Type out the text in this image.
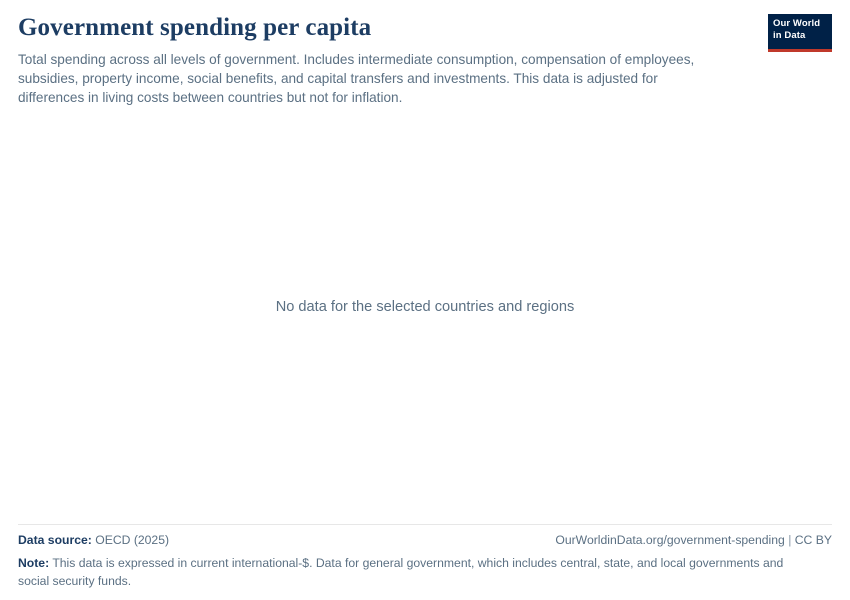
Government spending per capita

Total spending across all levels of government. Includes intermediate consumption, compensation of employees, subsidies, property income, social benefits, and capital transfers and investments. This data is adjusted for differences in living costs between countries but not for inflation.

Our World
in Data
No data for the selected countries and regions
Data source: OECD (2025)	OurWorldinData.org/government-spending | CC BY
Note: This data is expressed in current international-$. Data for general government, which includes central, state, and local governments and social security funds.
